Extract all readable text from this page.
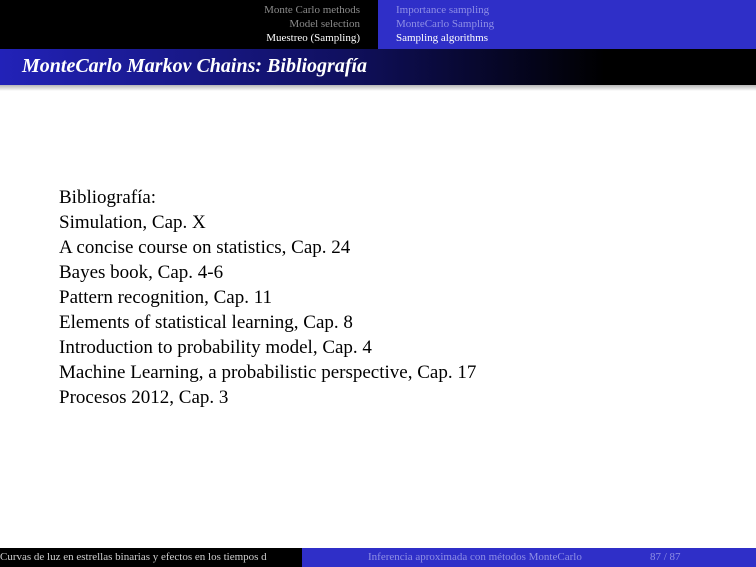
Monte Carlo methods
Model selection
Muestreo (Sampling)
Importance sampling
MonteCarlo Sampling
Sampling algorithms
MonteCarlo Markov Chains: Bibliografía
Bibliografía:
Simulation, Cap. X
A concise course on statistics, Cap. 24
Bayes book, Cap. 4-6
Pattern recognition, Cap. 11
Elements of statistical learning, Cap. 8
Introduction to probability model, Cap. 4
Machine Learning, a probabilistic perspective, Cap. 17
Procesos 2012, Cap. 3
Curvas de luz en estrellas binarias y efectos en los tiempos d	Inferencia aproximada con métodos MonteCarlo	87 / 87
